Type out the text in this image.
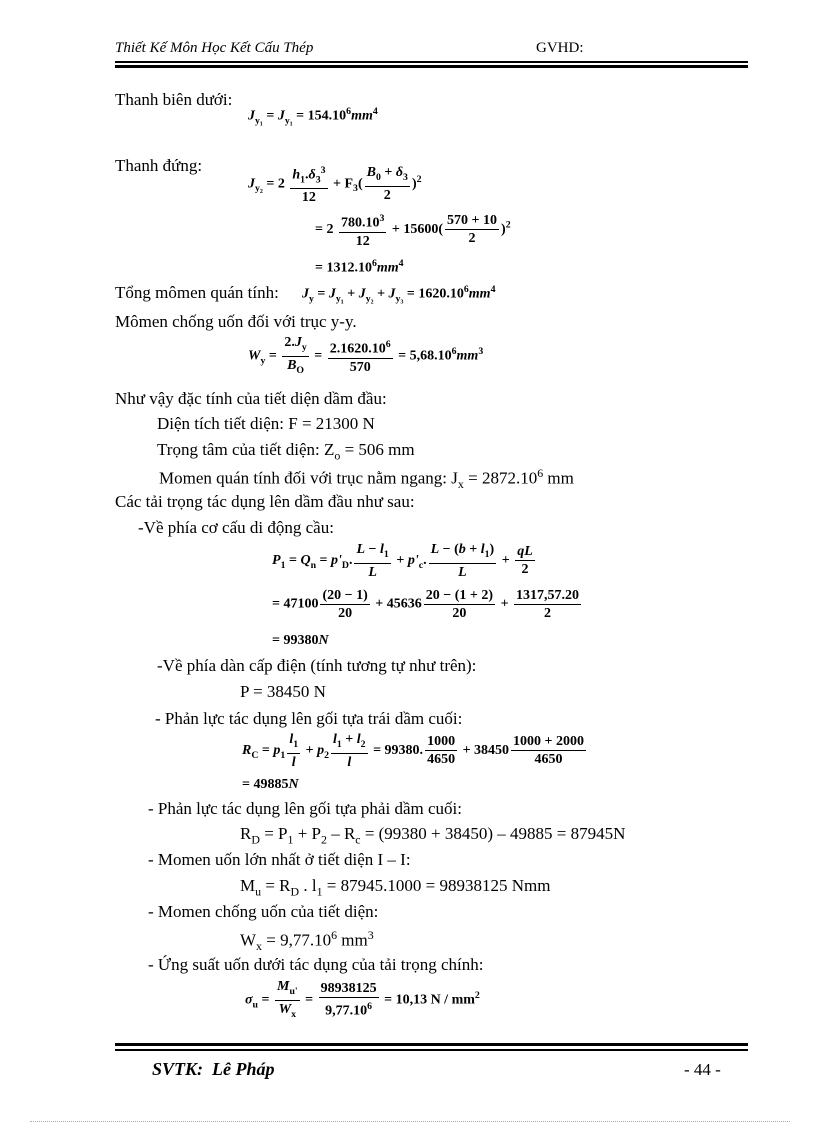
Thiết Kế Môn Học Kết Cấu Thép	GVHD:
Thanh biên dưới:
$J_{y_1} = J_{y_1} = 154.10^6mm^4$
Thanh đứng:
$J_{y_2} = 2 \frac{h_1.\delta_3^3}{12} + F_3( \frac{B_0 + \delta_3}{2} )^2$
= $2 \frac{780.10^3}{12} + 15600( \frac{570 + 10}{2} )^2$
= $1312.10^6mm^4$
Tổng mômen quán tính: $J_y = J_{y_1} + J_{y_2} + J_{y_3} = 1620.10^6mm^4$
Mômen chống uốn đối với trục y-y.
$W_y = \frac{2.J_y}{B_O} = \frac{2.1620.10^6}{570} = 5,68.10^6mm^3$
Như vậy đặc tính của tiết diện dầm đầu:
Diện tích tiết diện: F = 21300 N
Trọng tâm của tiết diện: $Z_o = 506$ mm
Momen quán tính đối với trục nằm ngang: $J_x = 2872.10^6$ mm
Các tải trọng tác dụng lên dầm đầu như sau:
-Về phía cơ cấu di động cầu:
$P_1 = Q_n = p'_D$. $\frac{L - l_1}{L} + p'_c$. $\frac{L - (b + l_1)}{L} + \frac{qL}{2}$
= $47100 \frac{(20 - 1)}{20} + 45636 \frac{20 - (1 + 2)}{20} + \frac{1317,57.20}{2}$
= 99380N
-Về phía dàn cấp điện (tính tương tự như trên):
P = 38450 N
- Phản lực tác dụng lên gối tựa trái dầm cuối:
$R_C = p_1 \frac{l_1}{l} + p_2 \frac{l_1 + l_2}{l} = 99380$. $\frac{1000}{4650} + 38450 \frac{1000 + 2000}{4650}$
= 49885N
- Phản lực tác dụng lên gối tựa phải dầm cuối:
$R_D = P_1 + P_2 - R_c = (99380 + 38450) - 49885 = 87945N$
- Momen uốn lớn nhất ở tiết diện I – I:
$M_u = R_D$ . $l_1 = 87945.1000 = 98938125$ Nmm
- Momen chống uốn của tiết diện:
$W_x = 9,77.10^6$ $mm^3$
- Ứng suất uốn dưới tác dụng của tải trọng chính:
$\sigma_u = \frac{M_{u'}}{W_x} = \frac{98938125}{9,77.10^6} = 10,13$ N / $mm^2$
SVTK: Lê Pháp	- 44 -
